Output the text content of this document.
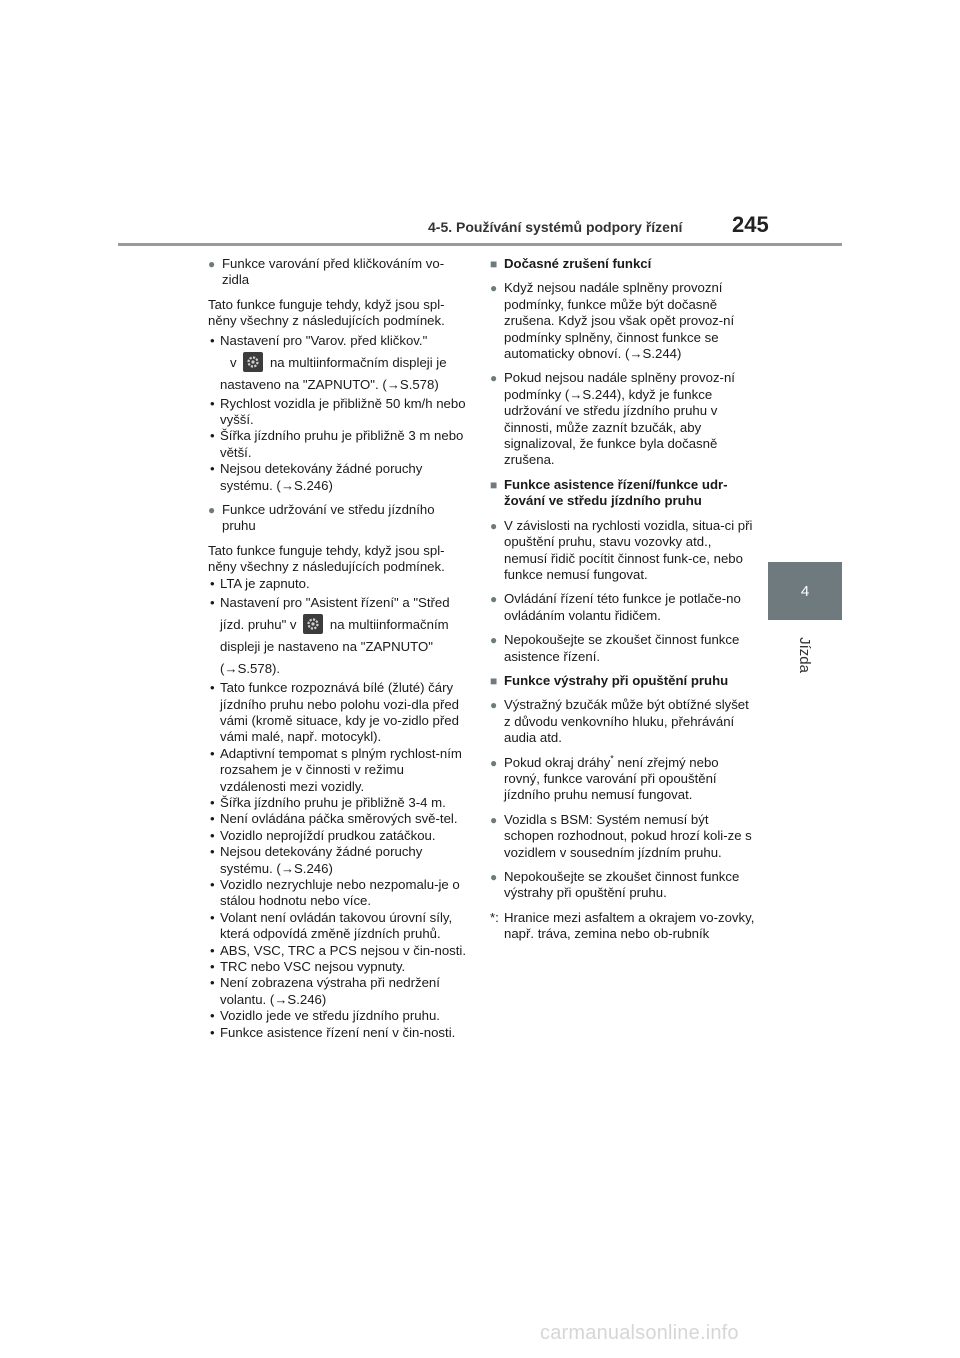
4-5. Používání systémů podpory řízení 245
4
Jízda
● Funkce varování před kličkováním vo-zidla

Tato funkce funguje tehdy, když jsou spl-něny všechny z následujících podmínek.

• Nastavení pro "Varov. před kličkov."
v	na multiinformačním displeji je nastaveno na "ZAPNUTO". (→S.578)
• Rychlost vozidla je přibližně 50 km/h nebo vyšší.
• Šířka jízdního pruhu je přibližně 3 m nebo větší.
• Nejsou detekovány žádné poruchy systému. (→S.246)
● Funkce udržování ve středu jízdního pruhu

Tato funkce funguje tehdy, když jsou spl-něny všechny z následujících podmínek.

• LTA je zapnuto.
• Nastavení pro "Asistent řízení" a "Střed jízd. pruhu" v	na multiinformačním displeji je nastaveno na "ZAPNUTO" (→S.578).
• Tato funkce rozpoznává bílé (žluté) čáry jízdního pruhu nebo polohu vozi-dla před vámi (kromě situace, kdy je vo-zidlo před vámi malé, např. motocykl).
• Adaptivní tempomat s plným rychlost-ním rozsahem je v činnosti v režimu vzdálenosti mezi vozidly.
• Šířka jízdního pruhu je přibližně 3-4 m.
• Není ovládána páčka směrových svě-tel.
• Vozidlo neprojíždí prudkou zatáčkou.
• Nejsou detekovány žádné poruchy systému. (→S.246)
• Vozidlo nezrychluje nebo nezpomalu-je o stálou hodnotu nebo více.
• Volant není ovládán takovou úrovní síly, která odpovídá změně jízdních pruhů.
• ABS, VSC, TRC a PCS nejsou v čin-nosti.
• TRC nebo VSC nejsou vypnuty.
• Není zobrazena výstraha při nedržení volantu. (→S.246)
• Vozidlo jede ve středu jízdního pruhu.
• Funkce asistence řízení není v čin-nosti.
■ Dočasné zrušení funkcí
● Když nejsou nadále splněny provozní podmínky, funkce může být dočasně zrušena. Když jsou však opět provoz-ní podmínky splněny, činnost funkce se automaticky obnoví. (→S.244)
● Pokud nejsou nadále splněny provoz-ní podmínky (→S.244), když je funkce udržování ve středu jízdního pruhu v činnosti, může zaznít bzučák, aby signalizoval, že funkce byla dočasně zrušena.
■ Funkce asistence řízení/funkce udr-žování ve středu jízdního pruhu
● V závislosti na rychlosti vozidla, situa-ci při opuštění pruhu, stavu vozovky atd., nemusí řidič pocítit činnost funk-ce, nebo funkce nemusí fungovat.
● Ovládání řízení této funkce je potlače-no ovládáním volantu řidičem.
● Nepokoušejte se zkoušet činnost funkce asistence řízení.
■ Funkce výstrahy při opuštění pruhu
● Výstražný bzučák může být obtížné slyšet z důvodu venkovního hluku, přehrávání audia atd.
● Pokud okraj dráhy* není zřejmý nebo rovný, funkce varování při opouštění jízdního pruhu nemusí fungovat.
● Vozidla s BSM: Systém nemusí být schopen rozhodnout, pokud hrozí koli-ze s vozidlem v sousedním jízdním pruhu.
● Nepokoušejte se zkoušet činnost funkce výstrahy při opuštění pruhu.
*: Hranice mezi asfaltem a okrajem vo-zovky, např. tráva, zemina nebo ob-rubník
carmanualsonline.info
